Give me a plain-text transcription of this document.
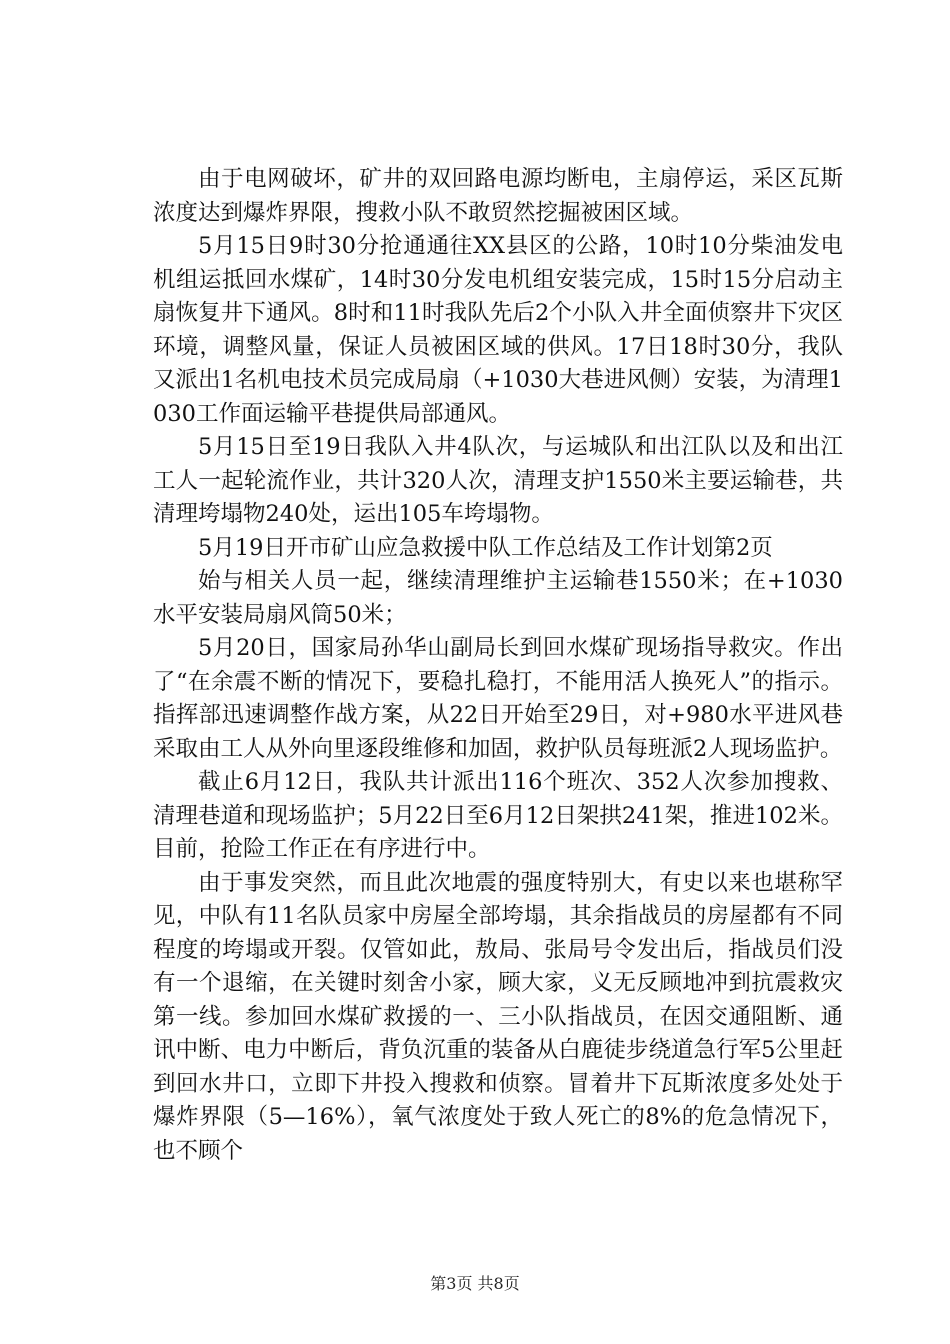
由于电网破坏，矿井的双回路电源均断电，主扇停运，采区瓦斯浓度达到爆炸界限，搜救小队不敢贸然挖掘被困区域。

5月15日9时30分抢通通往XX县区的公路，10时10分柴油发电机组运抵回水煤矿，14时30分发电机组安装完成，15时15分启动主扇恢复井下通风。8时和11时我队先后2个小队入井全面侦察井下灾区环境，调整风量，保证人员被困区域的供风。17日18时30分，我队又派出1名机电技术员完成局扇（+1030大巷进风侧）安装，为清理1030工作面运输平巷提供局部通风。

5月15日至19日我队入井4队次，与运城队和出江队以及和出江工人一起轮流作业，共计320人次，清理支护1550米主要运输巷，共清理垮塌物240处，运出105车垮塌物。

5月19日开市矿山应急救援中队工作总结及工作计划第2页

始与相关人员一起，继续清理维护主运输巷1550米；在+1030水平安装局扇风筒50米；

5月20日，国家局孙华山副局长到回水煤矿现场指导救灾。作出了“在余震不断的情况下，要稳扎稳打，不能用活人换死人”的指示。指挥部迅速调整作战方案，从22日开始至29日，对+980水平进风巷采取由工人从外向里逐段维修和加固，救护队员每班派2人现场监护。

截止6月12日，我队共计派出116个班次、352人次参加搜救、清理巷道和现场监护；5月22日至6月12日架拱241架，推进102米。目前，抢险工作正在有序进行中。

由于事发突然，而且此次地震的强度特别大，有史以来也堪称罕见，中队有11名队员家中房屋全部垮塌，其余指战员的房屋都有不同程度的垮塌或开裂。仅管如此，敖局、张局号令发出后，指战员们没有一个退缩，在关键时刻舍小家，顾大家，义无反顾地冲到抗震救灾第一线。参加回水煤矿救援的一、三小队指战员，在因交通阻断、通讯中断、电力中断后，背负沉重的装备从白鹿徒步绕道急行军5公里赶到回水井口，立即下井投入搜救和侦察。冒着井下瓦斯浓度多处处于爆炸界限（5—16%），氧气浓度处于致人死亡的8%的危急情况下，也不顾个

第3页 共8页
